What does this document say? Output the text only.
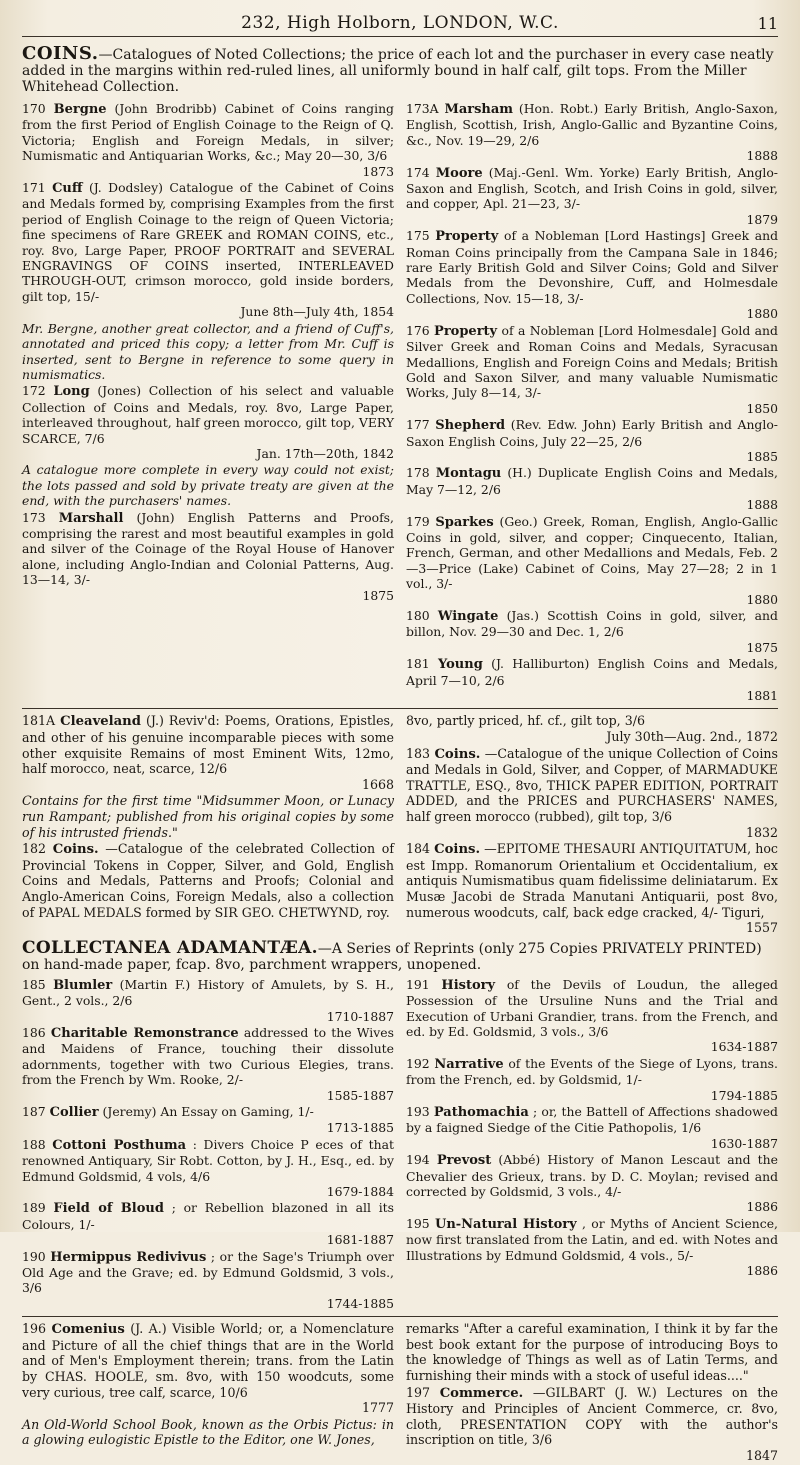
232, High Holborn, LONDON, W.C.	11
COINS.—Catalogues of Noted Collections; the price of each lot and the purchaser in every case neatly added in the margins within red-ruled lines, all uniformly bound in half calf, gilt tops. From the Miller Whitehead Collection.
170 Bergne (John Brodribb) Cabinet of Coins ranging from the first Period of English Coinage to the Reign of Q. Victoria; English and Foreign Medals, in silver; Numismatic and Antiquarian Works, &c.; May 20—30, 3/6
1873
171 Cuff (J. Dodsley) Catalogue of the Cabinet of Coins and Medals formed by, comprising Examples from the first period of English Coinage to the reign of Queen Victoria; fine specimens of Rare GREEK and ROMAN COINS, etc., roy. 8vo, Large Paper, PROOF PORTRAIT and SEVERAL ENGRAVINGS OF COINS inserted, INTERLEAVED THROUGH-OUT, crimson morocco, gold inside borders, gilt top, 15/-
June 8th—July 4th, 1854
Mr. Bergne, another great collector, and a friend of Cuff's, annotated and priced this copy; a letter from Mr. Cuff is inserted, sent to Bergne in reference to some query in numismatics.
172 Long (Jones) Collection of his select and valuable Collection of Coins and Medals, roy. 8vo, Large Paper, interleaved throughout, half green morocco, gilt top, VERY SCARCE, 7/6
Jan. 17th—20th, 1842
A catalogue more complete in every way could not exist; the lots passed and sold by private treaty are given at the end, with the purchasers' names.
173 Marshall (John) English Patterns and Proofs, comprising the rarest and most beautiful examples in gold and silver of the Coinage of the Royal House of Hanover alone, including Anglo-Indian and Colonial Patterns, Aug. 13—14, 3/-
1875
173A Marsham (Hon. Robt.) Early British, Anglo-Saxon, English, Scottish, Irish, Anglo-Gallic and Byzantine Coins, &c., Nov. 19—29, 2/6
1888
174 Moore (Maj.-Genl. Wm. Yorke) Early British, Anglo-Saxon and English, Scotch, and Irish Coins in gold, silver, and copper, Apl. 21—23, 3/-
1879
175 Property of a Nobleman [Lord Hastings] Greek and Roman Coins principally from the Campana Sale in 1846; rare Early British Gold and Silver Coins; Gold and Silver Medals from the Devonshire, Cuff, and Holmesdale Collections, Nov. 15—18, 3/-
1880
176 Property of a Nobleman [Lord Holmesdale] Gold and Silver Greek and Roman Coins and Medals, Syracusan Medallions, English and Foreign Coins and Medals; British Gold and Saxon Silver, and many valuable Numismatic Works, July 8—14, 3/-
1850
177 Shepherd (Rev. Edw. John) Early British and Anglo-Saxon English Coins, July 22—25, 2/6
1885
178 Montagu (H.) Duplicate English Coins and Medals, May 7—12, 2/6
1888
179 Sparkes (Geo.) Greek, Roman, English, Anglo-Gallic Coins in gold, silver, and copper; Cinquecento, Italian, French, German, and other Medallions and Medals, Feb. 2—3—Price (Lake) Cabinet of Coins, May 27—28; 2 in 1 vol., 3/-
1880
180 Wingate (Jas.) Scottish Coins in gold, silver, and billon, Nov. 29—30 and Dec. 1, 2/6
1875
181 Young (J. Halliburton) English Coins and Medals, April 7—10, 2/6
1881
181A Cleaveland (J.) Reviv'd: Poems, Orations, Epistles, and other of his genuine incomparable pieces with some other exquisite Remains of most Eminent Wits, 12mo, half morocco, neat, scarce, 12/6
1668
Contains for the first time "Midsummer Moon, or Lunacy run Rampant; published from his original copies by some of his intrusted friends."
182 Coins. —Catalogue of the celebrated Collection of Provincial Tokens in Copper, Silver, and Gold, English Coins and Medals, Patterns and Proofs; Colonial and Anglo-American Coins, Foreign Medals, also a collection of PAPAL MEDALS formed by SIR GEO. CHETWYND, roy.
8vo, partly priced, hf. cf., gilt top, 3/6
July 30th—Aug. 2nd., 1872
183 Coins. —Catalogue of the unique Collection of Coins and Medals in Gold, Silver, and Copper, of MARMADUKE TRATTLE, ESQ., 8vo, THICK PAPER EDITION, PORTRAIT ADDED, and the PRICES and PURCHASERS' NAMES, half green morocco (rubbed), gilt top, 3/6
1832
184 Coins. —EPITOME THESAURI ANTIQUITATUM, hoc est Impp. Romanorum Orientalium et Occidentalium, ex antiquis Numismatibus quam fidelissime deliniatarum. Ex Musæ Jacobi de Strada Manutani Antiquarii, post 8vo, numerous woodcuts, calf, back edge cracked, 4/- Tiguri,
1557
COLLECTANEA ADAMANTÆA.—A Series of Reprints (only 275 Copies PRIVATELY PRINTED) on hand-made paper, fcap. 8vo, parchment wrappers, unopened.
185 Blumler (Martin F.) History of Amulets, by S. H., Gent., 2 vols., 2/6
1710-1887
186 Charitable Remonstrance addressed to the Wives and Maidens of France, touching their dissolute adornments, together with two Curious Elegies, trans. from the French by Wm. Rooke, 2/-
1585-1887
187 Collier (Jeremy) An Essay on Gaming, 1/-
1713-1885
188 Cottoni Posthuma : Divers Choice P eces of that renowned Antiquary, Sir Robt. Cotton, by J. H., Esq., ed. by Edmund Goldsmid, 4 vols, 4/6
1679-1884
189 Field of Bloud ; or Rebellion blazoned in all its Colours, 1/-
1681-1887
190 Hermippus Redivivus ; or the Sage's Triumph over Old Age and the Grave; ed. by Edmund Goldsmid, 3 vols., 3/6
1744-1885
191 History of the Devils of Loudun, the alleged Possession of the Ursuline Nuns and the Trial and Execution of Urbani Grandier, trans. from the French, and ed. by Ed. Goldsmid, 3 vols., 3/6
1634-1887
192 Narrative of the Events of the Siege of Lyons, trans. from the French, ed. by Goldsmid, 1/-
1794-1885
193 Pathomachia ; or, the Battell of Affections shadowed by a faigned Siedge of the Citie Pathopolis, 1/6
1630-1887
194 Prevost (Abbé) History of Manon Lescaut and the Chevalier des Grieux, trans. by D. C. Moylan; revised and corrected by Goldsmid, 3 vols., 4/-
1886
195 Un-Natural History , or Myths of Ancient Science, now first translated from the Latin, and ed. with Notes and Illustrations by Edmund Goldsmid, 4 vols., 5/-
1886
196 Comenius (J. A.) Visible World; or, a Nomenclature and Picture of all the chief things that are in the World and of Men's Employment therein; trans. from the Latin by CHAS. HOOLE, sm. 8vo, with 150 woodcuts, some very curious, tree calf, scarce, 10/6
1777
An Old-World School Book, known as the Orbis Pictus: in a glowing eulogistic Epistle to the Editor, one W. Jones,
remarks "After a careful examination, I think it by far the best book extant for the purpose of introducing Boys to the knowledge of Things as well as of Latin Terms, and furnishing their minds with a stock of useful ideas...."
197 Commerce. —GILBART (J. W.) Lectures on the History and Principles of Ancient Commerce, cr. 8vo, cloth, PRESENTATION COPY with the author's inscription on title, 3/6
1847
